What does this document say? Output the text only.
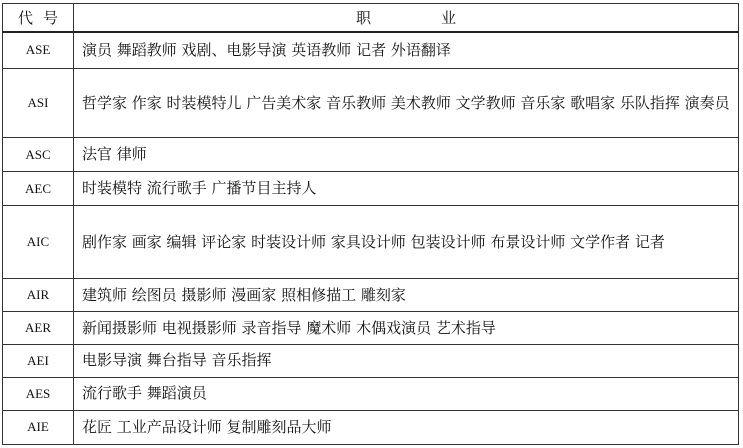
代号	职业
ASE	演员 舞蹈教师 戏剧、电影导演 英语教师 记者 外语翻译
ASI	哲学家 作家 时装模特儿 广告美术家 音乐教师 美术教师 文学教师 音乐家 歌唱家 乐队指挥 演奏员
ASC	法官 律师
AEC	时装模特 流行歌手 广播节目主持人
AIC	剧作家 画家 编辑 评论家 时装设计师 家具设计师 包装设计师 布景设计师 文学作者 记者
AIR	建筑师 绘图员 摄影师 漫画家 照相修描工 雕刻家
AER	新闻摄影师 电视摄影师 录音指导 魔术师 木偶戏演员 艺术指导
AEI	电影导演 舞台指导 音乐指挥
AES	流行歌手 舞蹈演员
AIE	花匠 工业产品设计师 复制雕刻品大师
